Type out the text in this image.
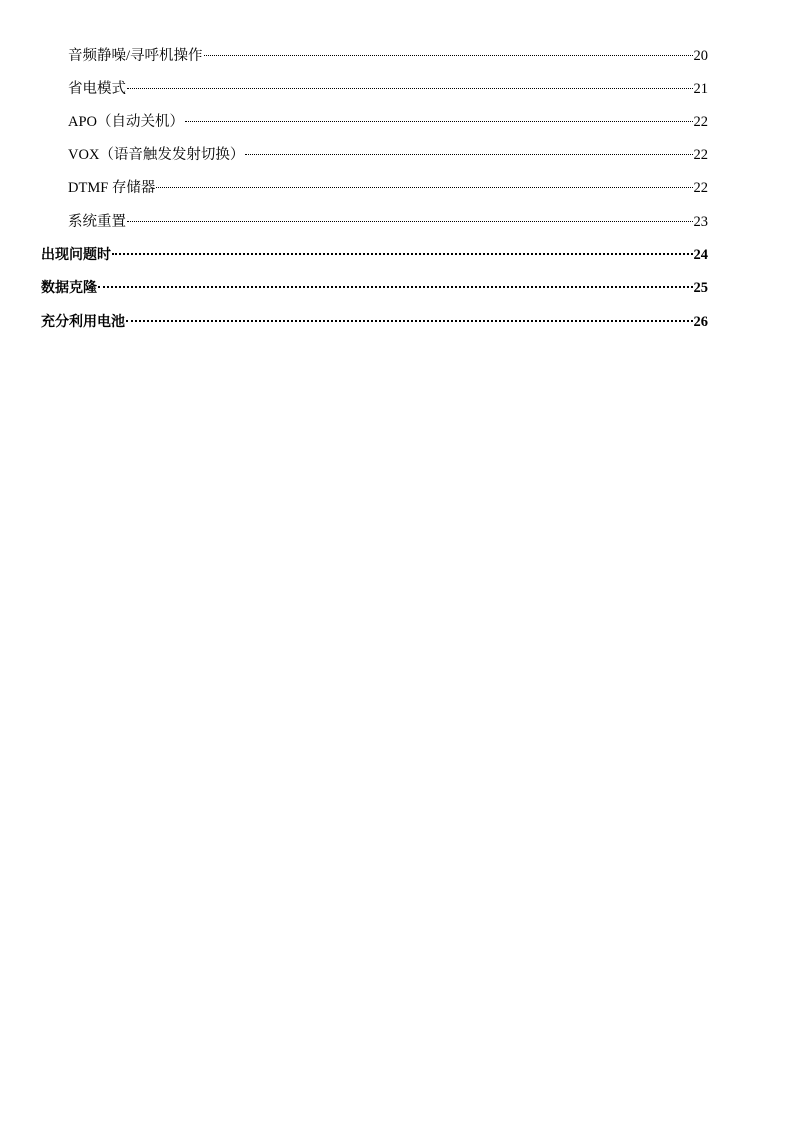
音频静噪/寻呼机操作	20
省电模式	21
APO（自动关机）	22
VOX（语音触发发射切换）	22
DTMF 存储器	22
系统重置	23
出现问题时	24
数据克隆	25
充分利用电池	26
